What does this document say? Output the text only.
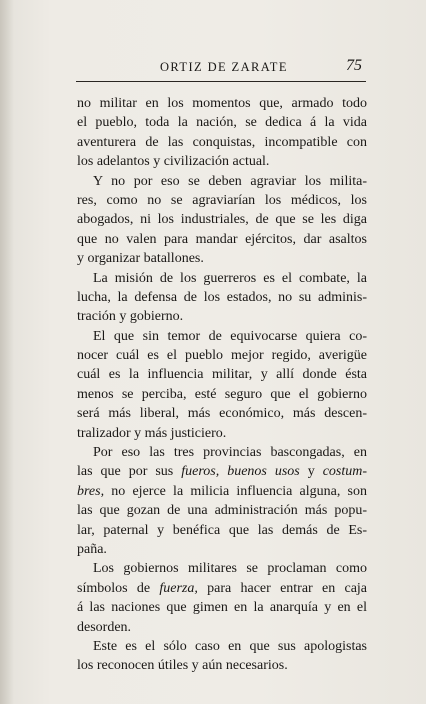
ORTIZ DE ZARATE	75
no militar en los momentos que, armado todo
el pueblo, toda la nación, se dedica á la vida
aventurera de las conquistas, incompatible con
los adelantos y civilización actual.
Y no por eso se deben agraviar los milita-
res, como no se agraviarían los médicos, los
abogados, ni los industriales, de que se les diga
que no valen para mandar ejércitos, dar asaltos
y organizar batallones.
La misión de los guerreros es el combate, la
lucha, la defensa de los estados, no su adminis-
tración y gobierno.
El que sin temor de equivocarse quiera co-
nocer cuál es el pueblo mejor regido, averigüe
cuál es la influencia militar, y allí donde ésta
menos se perciba, esté seguro que el gobierno
será más liberal, más económico, más descen-
tralizador y más justiciero.
Por eso las tres provincias bascongadas, en
las que por sus fueros, buenos usos y costum-
bres, no ejerce la milicia influencia alguna, son
las que gozan de una administración más popu-
lar, paternal y benéfica que las demás de Es-
paña.
Los gobiernos militares se proclaman como
símbolos de fuerza, para hacer entrar en caja
á las naciones que gimen en la anarquía y en el
desorden.
Este es el sólo caso en que sus apologistas
los reconocen útiles y aún necesarios.
